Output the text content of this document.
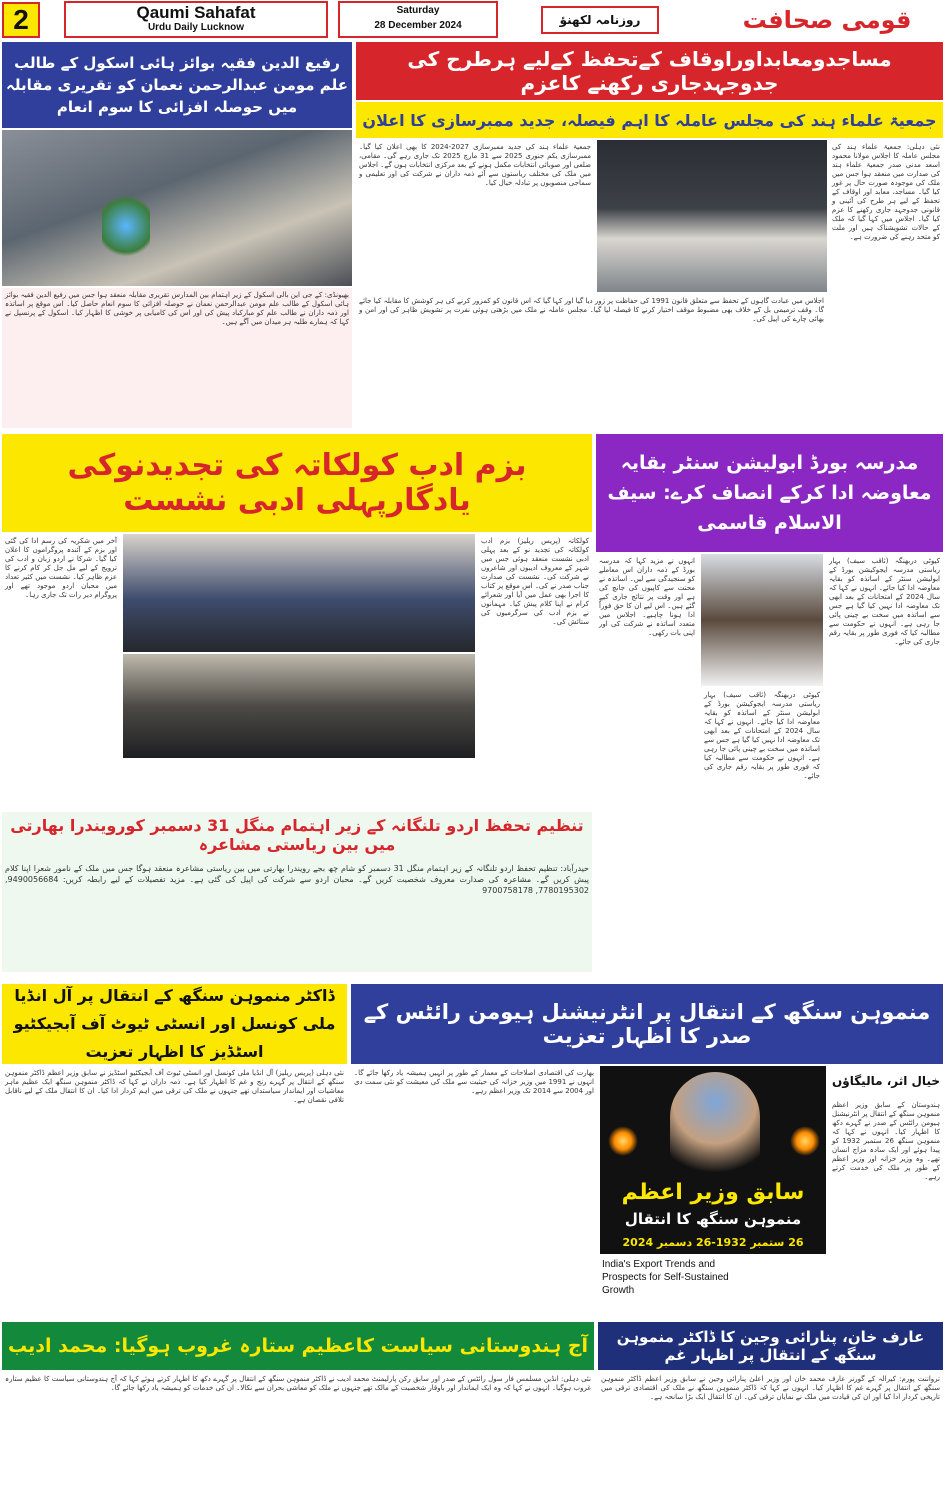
2	Qaumi Sahafat
Urdu Daily Lucknow
Saturday
28 December 2024	روزنامہ لکھنؤ	قومی صحافت
رفیع الدین فقیہ بوائز ہائی اسکول کے طالب علم مومن عبدالرحمن نعمان کو تقریری مقابلہ میں حوصلہ افزائی کا سوم انعام
بھیونڈی: کے جی این بالی اسکول کے زیر اہتمام بین المدارس تقریری مقابلہ منعقد ہوا جس میں رفیع الدین فقیہ بوائز ہائی اسکول کے طالب علم مومن عبدالرحمن نعمان نے حوصلہ افزائی کا سوم انعام حاصل کیا۔ اس موقع پر اساتذہ اور ذمہ داران نے طالب علم کو مبارکباد پیش کی اور اس کی کامیابی پر خوشی کا اظہار کیا۔ اسکول کے پرنسپل نے کہا کہ ہمارے طلبہ ہر میدان میں آگے ہیں۔
مساجدومعابداوراوقاف کےتحفظ کےلیے ہرطرح کی جدوجہدجاری رکھنے کاعزم
جمعیۃ علماء ہند کی مجلس عاملہ کا اہم فیصلہ، جدید ممبرسازی کا اعلان
نئی دہلی: جمعیۃ علماء ہند کی مجلس عاملہ کا اجلاس مولانا محمود اسعد مدنی صدر جمعیۃ علماء ہند کی صدارت میں منعقد ہوا جس میں ملک کی موجودہ صورت حال پر غور کیا گیا۔ مساجد، معابد اور اوقاف کے تحفظ کے لیے ہر طرح کی آئینی و قانونی جدوجہد جاری رکھنے کا عزم کیا گیا۔ اجلاس میں کہا گیا کہ ملک کے حالات تشویشناک ہیں اور ملت کو متحد رہنے کی ضرورت ہے۔
جمعیۃ علماء ہند کی جدید ممبرسازی 2027-2024 کا بھی اعلان کیا گیا۔ ممبرسازی یکم جنوری 2025 سے 31 مارچ 2025 تک جاری رہے گی۔ مقامی، ضلعی اور صوبائی انتخابات مکمل ہونے کے بعد مرکزی انتخابات ہوں گے۔ اجلاس میں ملک کی مختلف ریاستوں سے آئے ذمہ داران نے شرکت کی اور تعلیمی و سماجی منصوبوں پر تبادلہ خیال کیا۔
اجلاس میں عبادت گاہوں کے تحفظ سے متعلق قانون 1991 کی حفاظت پر زور دیا گیا اور کہا گیا کہ اس قانون کو کمزور کرنے کی ہر کوشش کا مقابلہ کیا جائے گا۔ وقف ترمیمی بل کے خلاف بھی مضبوط موقف اختیار کرنے کا فیصلہ لیا گیا۔ مجلس عاملہ نے ملک میں بڑھتی ہوئی نفرت پر تشویش ظاہر کی اور امن و بھائی چارے کی اپیل کی۔
بزم ادب کولکاتہ کی تجدیدنوکی یادگارپہلی ادبی نشست
کولکاتہ (پریس ریلیز) بزم ادب کولکاتہ کی تجدید نو کے بعد پہلی ادبی نشست منعقد ہوئی جس میں شہر کے معروف ادیبوں اور شاعروں نے شرکت کی۔ نشست کی صدارت جناب صدر نے کی۔ اس موقع پر کتاب کا اجرا بھی عمل میں آیا اور شعرائے کرام نے اپنا کلام پیش کیا۔ مہمانوں نے بزم ادب کی سرگرمیوں کی ستائش کی۔
آخر میں شکریہ کی رسم ادا کی گئی اور بزم کے آئندہ پروگراموں کا اعلان کیا گیا۔ شرکا نے اردو زبان و ادب کی ترویج کے لیے مل جل کر کام کرنے کا عزم ظاہر کیا۔ نشست میں کثیر تعداد میں محبان اردو موجود تھے اور پروگرام دیر رات تک جاری رہا۔
تنظیم تحفظ اردو تلنگانہ کے زیر اہتمام منگل 31 دسمبر کورویندرا بھارتی میں بین ریاستی مشاعرہ
حیدرآباد: تنظیم تحفظ اردو تلنگانہ کے زیر اہتمام منگل 31 دسمبر کو شام چھ بجے رویندرا بھارتی میں بین ریاستی مشاعرہ منعقد ہوگا جس میں ملک کے نامور شعرا اپنا کلام پیش کریں گے۔ مشاعرہ کی صدارت معروف شخصیت کریں گے۔ محبان اردو سے شرکت کی اپیل کی گئی ہے۔ مزید تفصیلات کے لیے رابطہ کریں: 9490056684, 7780195302, 9700758178
مدرسہ بورڈ ابولیشن سنٹر بقایہ معاوضہ ادا کرکے انصاف کرے: سیف الاسلام قاسمی
کیوٹی دربھنگہ (ثاقب سیف) بہار ریاستی مدرسہ ایجوکیشن بورڈ کے ابولیشن سنٹر کے اساتذہ کو بقایہ معاوضہ ادا کیا جائے۔ انہوں نے کہا کہ سال 2024 کے امتحانات کے بعد ابھی تک معاوضہ ادا نہیں کیا گیا ہے جس سے اساتذہ میں سخت بے چینی پائی جا رہی ہے۔ انہوں نے حکومت سے مطالبہ کیا کہ فوری طور پر بقایہ رقم جاری کی جائے۔
انہوں نے مزید کہا کہ مدرسہ بورڈ کے ذمہ داران اس معاملے کو سنجیدگی سے لیں۔ اساتذہ نے محنت سے کاپیوں کی جانچ کی ہے اور وقت پر نتائج جاری کیے گئے ہیں۔ اس لیے ان کا حق فوراً ادا ہونا چاہیے۔ اجلاس میں متعدد اساتذہ نے شرکت کی اور اپنی بات رکھی۔
کیوٹی دربھنگہ (ثاقب سیف) بہار ریاستی مدرسہ ایجوکیشن بورڈ کے ابولیشن سنٹر کے اساتذہ کو بقایہ معاوضہ ادا کیا جائے۔ انہوں نے کہا کہ سال 2024 کے امتحانات کے بعد ابھی تک معاوضہ ادا نہیں کیا گیا ہے جس سے اساتذہ میں سخت بے چینی پائی جا رہی ہے۔ انہوں نے حکومت سے مطالبہ کیا کہ فوری طور پر بقایہ رقم جاری کی جائے۔
ڈاکٹر منموہن سنگھ کے انتقال پر آل انڈیا ملی کونسل اور انسٹی ٹیوٹ آف آبجیکٹیو اسٹڈیز کا اظہار تعزیت
نئی دہلی (پریس ریلیز) آل انڈیا ملی کونسل اور انسٹی ٹیوٹ آف آبجیکٹیو اسٹڈیز نے سابق وزیر اعظم ڈاکٹر منموہن سنگھ کے انتقال پر گہرے رنج و غم کا اظہار کیا ہے۔ ذمہ داران نے کہا کہ ڈاکٹر منموہن سنگھ ایک عظیم ماہر معاشیات اور ایماندار سیاستداں تھے جنہوں نے ملک کی ترقی میں اہم کردار ادا کیا۔ ان کا انتقال ملک کے لیے ناقابل تلافی نقصان ہے۔
منموہن سنگھ کے انتقال پر انٹرنیشنل ہیومن رائٹس کے صدر کا اظہار تعزیت
خیال اثر، مالیگاؤں
ہندوستان کے سابق وزیر اعظم منموہن سنگھ کے انتقال پر انٹرنیشنل ہیومن رائٹس کے صدر نے گہرے دکھ کا اظہار کیا۔ انہوں نے کہا کہ منموہن سنگھ 26 ستمبر 1932 کو پیدا ہوئے اور ایک سادہ مزاج انسان تھے۔ وہ وزیر خزانہ اور وزیر اعظم کے طور پر ملک کی خدمت کرتے رہے۔
سابق وزیر اعظم
منموہن سنگھ کا انتقال
26 ستمبر 1932-26 دسمبر 2024
India's Export Trends and Prospects for Self-Sustained Growth
بھارت کی اقتصادی اصلاحات کے معمار کے طور پر انہیں ہمیشہ یاد رکھا جائے گا۔ انہوں نے 1991 میں وزیر خزانہ کی حیثیت سے ملک کی معیشت کو نئی سمت دی اور 2004 سے 2014 تک وزیر اعظم رہے۔
آج ہندوستانی سیاست کاعظیم ستارہ غروب ہوگیا: محمد ادیب
نئی دہلی: انڈین مسلمس فار سول رائٹس کے صدر اور سابق رکن پارلیمنٹ محمد ادیب نے ڈاکٹر منموہن سنگھ کے انتقال پر گہرے دکھ کا اظہار کرتے ہوئے کہا کہ آج ہندوستانی سیاست کا عظیم ستارہ غروب ہوگیا۔ انہوں نے کہا کہ وہ ایک ایماندار اور باوقار شخصیت کے مالک تھے جنہوں نے ملک کو معاشی بحران سے نکالا۔ ان کی خدمات کو ہمیشہ یاد رکھا جائے گا۔
عارف خان، پنارائی وجین کا ڈاکٹر منموہن سنگھ کے انتقال پر اظہار غم
ترواننت پورم: کیرالہ کے گورنر عارف محمد خان اور وزیر اعلیٰ پنارائی وجین نے سابق وزیر اعظم ڈاکٹر منموہن سنگھ کے انتقال پر گہرے غم کا اظہار کیا۔ انہوں نے کہا کہ ڈاکٹر منموہن سنگھ نے ملک کی اقتصادی ترقی میں تاریخی کردار ادا کیا اور ان کی قیادت میں ملک نے نمایاں ترقی کی۔ ان کا انتقال ایک بڑا سانحہ ہے۔
